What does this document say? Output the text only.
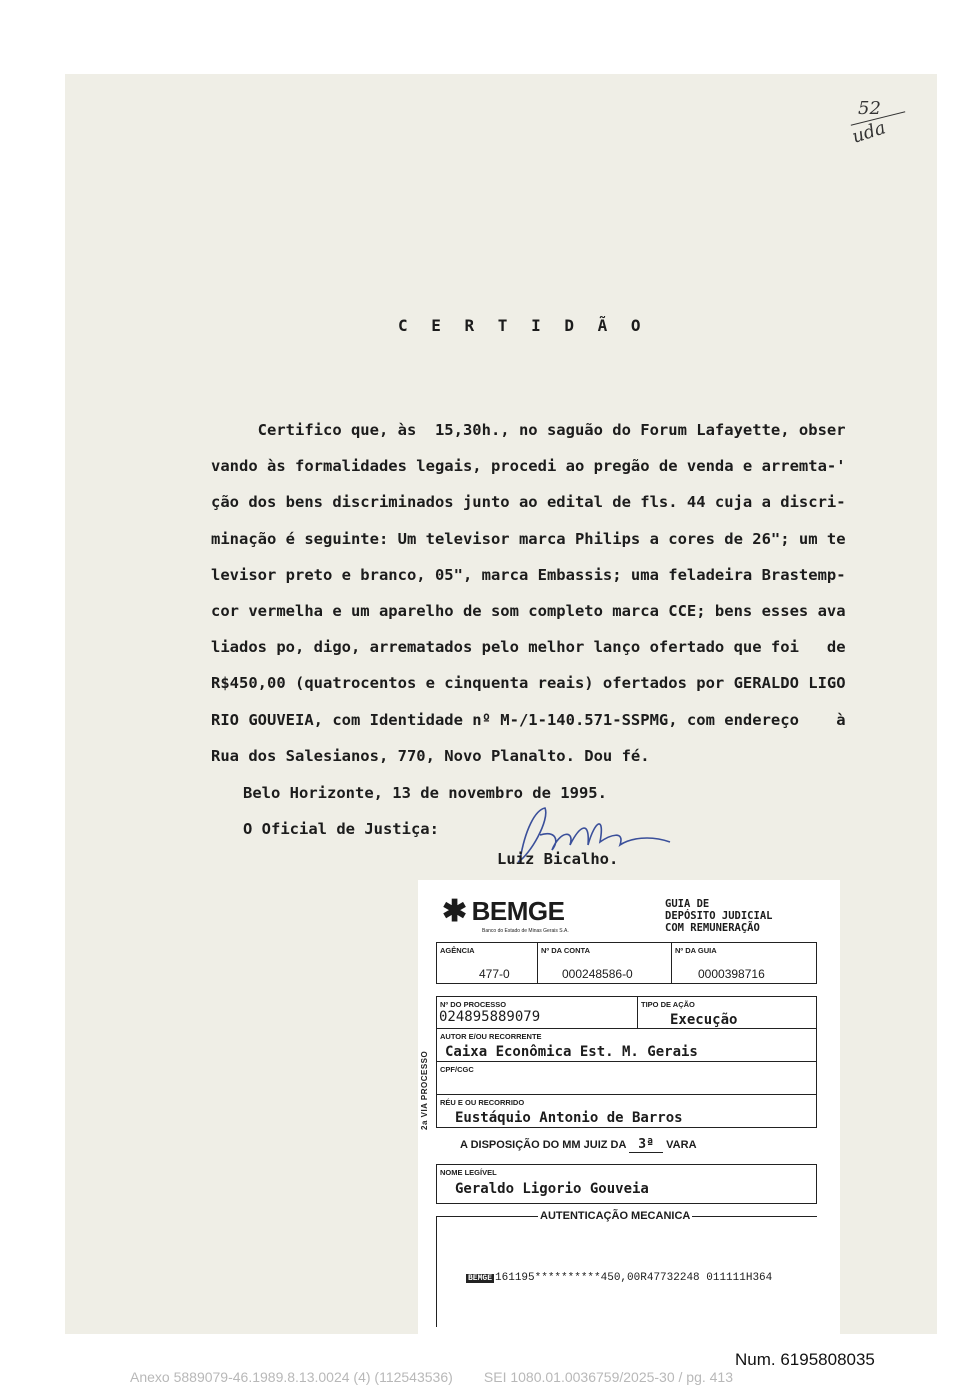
52
uda
C E R T I D Ã O
Certifico que, às  15,30h., no saguão do Forum Lafayette, obser
vando às formalidades legais, procedi ao pregão de venda e arremta-'
ção dos bens discriminados junto ao edital de fls. 44 cuja a discri-
minação é seguinte: Um televisor marca Philips a cores de 26"; um te
levisor preto e branco, 05", marca Embassis; uma feladeira Brastemp-
cor vermelha e um aparelho de som completo marca CCE; bens esses ava
liados po, digo, arrematados pelo melhor lanço ofertado que foi   de
R$450,00 (quatrocentos e cinquenta reais) ofertados por GERALDO LIGO
RIO GOUVEIA, com Identidade nº M-/1-140.571-SSPMG, com endereço    à
Rua dos Salesianos, 770, Novo Planalto. Dou fé.
Belo Horizonte, 13 de novembro de 1995.
O Oficial de Justiça:
Luiz Bicalho.
2a VIA PROCESSO
✱ BEMGE
Banco do Estado de Minas Gerais S.A.
GUIA DE
DEPÓSITO JUDICIAL
COM REMUNERAÇÃO
AGÊNCIA
477-0
Nº DA CONTA
000248586-0
Nº DA GUIA
0000398716
Nº DO PROCESSO
024895889079
TIPO DE AÇÃO
Execução
AUTOR E/OU RECORRENTE
Caixa Econômica Est. M. Gerais
CPF/CGC
RÉU E OU RECORRIDO
Eustáquio Antonio de Barros
A DISPOSIÇÃO DO MM JUIZ DA 3ª VARA
NOME LEGÍVEL
Geraldo Ligorio Gouveia
AUTENTICAÇÃO MECANICA
BEMGE 161195**********450,00R47732248 011111H364
Num. 6195808035
Anexo 5889079-46.1989.8.13.0024 (4) (112543536)        SEI 1080.01.0036759/2025-30 / pg. 413
